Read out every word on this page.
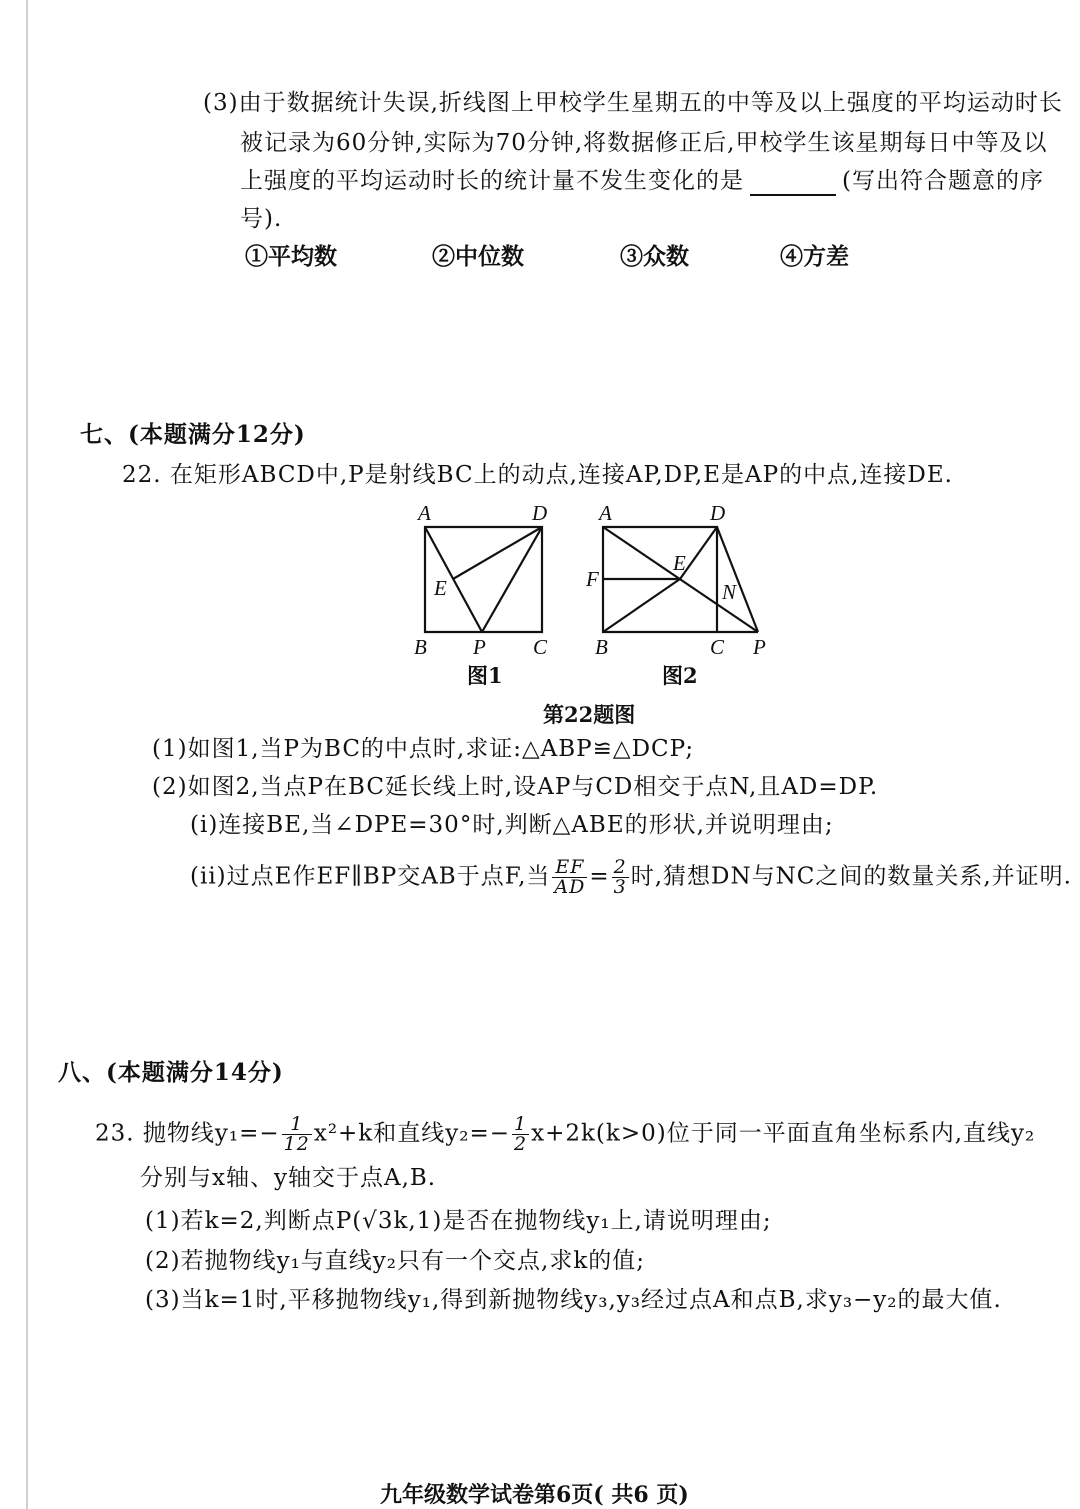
(3)由于数据统计失误,折线图上甲校学生星期五的中等及以上强度的平均运动时长
被记录为60分钟,实际为70分钟,将数据修正后,甲校学生该星期每日中等及以
上强度的平均运动时长的统计量不发生变化的是	(写出符合题意的序
号).
①平均数	②中位数	③众数	④方差
七、(本题满分12分)
22. 在矩形ABCD中,P是射线BC上的动点,连接AP,DP,E是AP的中点,连接DE.
A	D
E
B P C
A	D
F
E
N
B	C P
图1	图2
第22题图
(1)如图1,当P为BC的中点时,求证:△ABP≌△DCP;
(2)如图2,当点P在BC延长线上时,设AP与CD相交于点N,且AD=DP.
(i)连接BE,当∠DPE=30°时,判断△ABE的形状,并说明理由;
(ii)过点E作EF∥BP交AB于点F,当 $\frac{EF}{AD} = \frac{2}{3}$ 时,猜想DN与NC之间的数量关系,并证明.
八、(本题满分14分)
23. 抛物线$y_1=- \frac{1}{12} x^2+k$和直线$y_2=- \frac{1}{2} x+2k(k>0)$位于同一平面直角坐标系内,直线y₂
分别与x轴、y轴交于点A,B.
(1)若k=2,判断点P(√3k,1)是否在抛物线y₁上,请说明理由;
(2)若抛物线y₁与直线y₂只有一个交点,求k的值;
(3)当k=1时,平移抛物线y₁,得到新抛物线y₃,y₃经过点A和点B,求y₃−y₂的最大值.
九年级数学试卷第6页( 共6 页)
